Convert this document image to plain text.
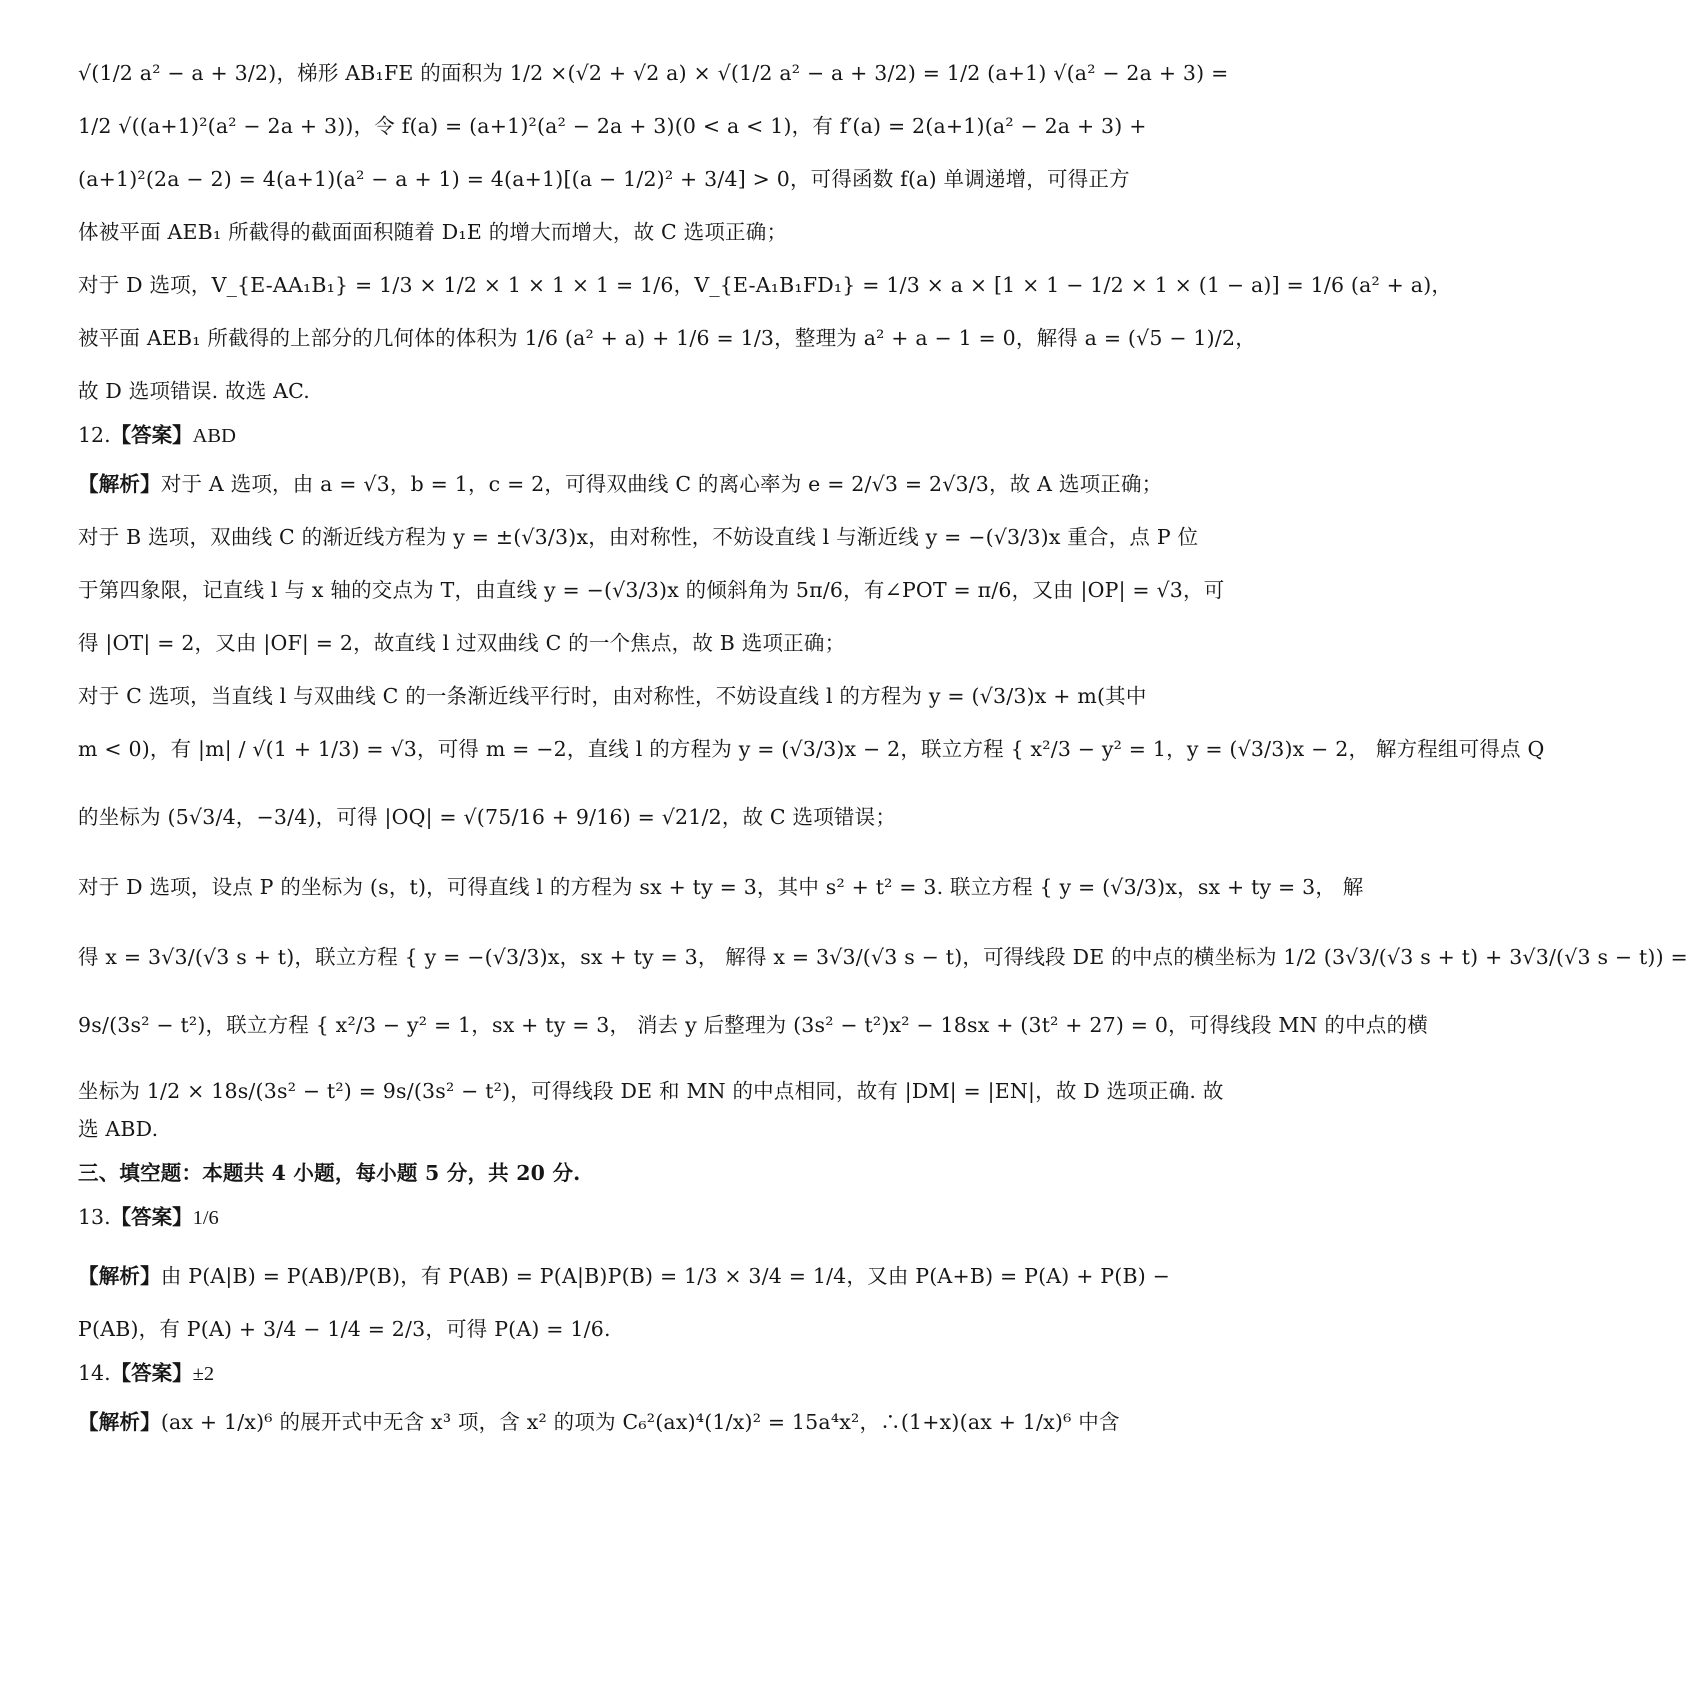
√(1/2 a² − a + 3/2)，梯形 AB₁FE 的面积为 1/2 ×(√2 + √2 a) × √(1/2 a² − a + 3/2) = 1/2 (a+1) √(a² − 2a + 3) =
1/2 √((a+1)²(a² − 2a + 3))，令 f(a) = (a+1)²(a² − 2a + 3)(0 < a < 1)，有 f′(a) = 2(a+1)(a² − 2a + 3) +
(a+1)²(2a − 2) = 4(a+1)(a² − a + 1) = 4(a+1)[(a − 1/2)² + 3/4] > 0，可得函数 f(a) 单调递增，可得正方
体被平面 AEB₁ 所截得的截面面积随着 D₁E 的增大而增大，故 C 选项正确；
对于 D 选项，V_{E-AA₁B₁} = 1/3 × 1/2 × 1 × 1 × 1 = 1/6，V_{E-A₁B₁FD₁} = 1/3 × a × [1 × 1 − 1/2 × 1 × (1 − a)] = 1/6 (a² + a)，
被平面 AEB₁ 所截得的上部分的几何体的体积为 1/6 (a² + a) + 1/6 = 1/3，整理为 a² + a − 1 = 0，解得 a = (√5 − 1)/2，
故 D 选项错误. 故选 AC.
12.【答案】ABD
【解析】对于 A 选项，由 a = √3，b = 1，c = 2，可得双曲线 C 的离心率为 e = 2/√3 = 2√3/3，故 A 选项正确；
对于 B 选项，双曲线 C 的渐近线方程为 y = ±(√3/3)x，由对称性，不妨设直线 l 与渐近线 y = −(√3/3)x 重合，点 P 位
于第四象限，记直线 l 与 x 轴的交点为 T，由直线 y = −(√3/3)x 的倾斜角为 5π/6，有∠POT = π/6，又由 |OP| = √3，可
得 |OT| = 2，又由 |OF| = 2，故直线 l 过双曲线 C 的一个焦点，故 B 选项正确；
对于 C 选项，当直线 l 与双曲线 C 的一条渐近线平行时，由对称性，不妨设直线 l 的方程为 y = (√3/3)x + m(其中
m < 0)，有 |m| / √(1 + 1/3) = √3，可得 m = −2，直线 l 的方程为 y = (√3/3)x − 2，联立方程 { x²/3 − y² = 1，y = (√3/3)x − 2， 解方程组可得点 Q
的坐标为 (5√3/4，−3/4)，可得 |OQ| = √(75/16 + 9/16) = √21/2，故 C 选项错误；
对于 D 选项，设点 P 的坐标为 (s，t)，可得直线 l 的方程为 sx + ty = 3，其中 s² + t² = 3. 联立方程 { y = (√3/3)x，sx + ty = 3， 解
得 x = 3√3/(√3 s + t)，联立方程 { y = −(√3/3)x，sx + ty = 3， 解得 x = 3√3/(√3 s − t)，可得线段 DE 的中点的横坐标为 1/2 (3√3/(√3 s + t) + 3√3/(√3 s − t)) =
9s/(3s² − t²)，联立方程 { x²/3 − y² = 1，sx + ty = 3， 消去 y 后整理为 (3s² − t²)x² − 18sx + (3t² + 27) = 0，可得线段 MN 的中点的横
坐标为 1/2 × 18s/(3s² − t²) = 9s/(3s² − t²)，可得线段 DE 和 MN 的中点相同，故有 |DM| = |EN|，故 D 选项正确. 故
选 ABD.
三、填空题：本题共 4 小题，每小题 5 分，共 20 分.
13.【答案】1/6
【解析】由 P(A|B) = P(AB)/P(B)，有 P(AB) = P(A|B)P(B) = 1/3 × 3/4 = 1/4，又由 P(A+B) = P(A) + P(B) −
P(AB)，有 P(A) + 3/4 − 1/4 = 2/3，可得 P(A) = 1/6.
14.【答案】±2
【解析】(ax + 1/x)⁶ 的展开式中无含 x³ 项，含 x² 的项为 C₆²(ax)⁴(1/x)² = 15a⁴x²，∴(1+x)(ax + 1/x)⁶ 中含
